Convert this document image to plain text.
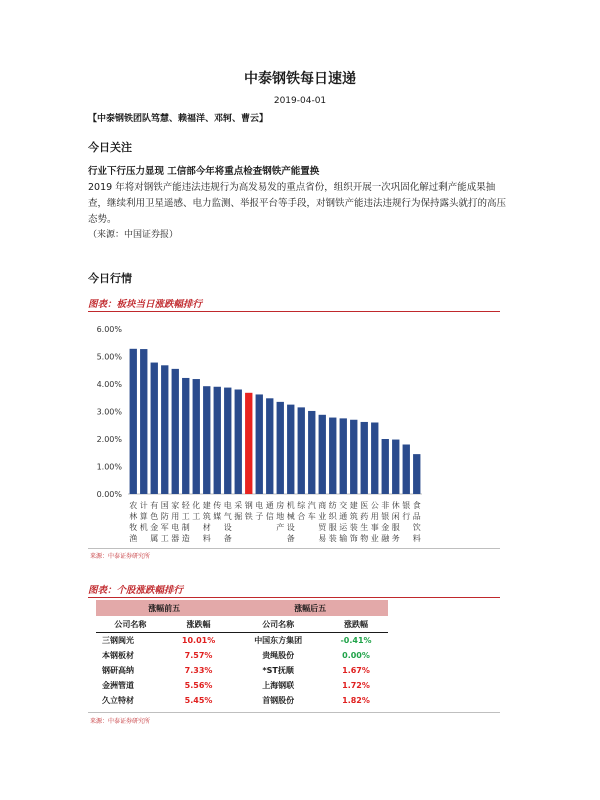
中泰钢铁每日速递
2019-04-01
【中泰钢铁团队笃慧、赖福洋、邓轲、曹云】
今日关注
行业下行压力显现 工信部今年将重点检查钢铁产能置换
2019 年将对钢铁产能违法违规行为高发易发的重点省份，组织开展一次巩固化解过剩产能成果抽查，继续利用卫星遥感、电力监测、举报平台等手段，对钢铁产能违法违规行为保持露头就打的高压态势。
（来源：中国证券报）
今日行情
图表：板块当日涨跌幅排行
0.00%
1.00%
2.00%
3.00%
4.00%
5.00%
6.00%
农林牧渔
计算机
有色金属
国防军工
家用电器
轻工制造
化工
建筑材料
传媒
电气设备
采掘
钢铁
电子
通信
房地产
机械设备
综合
汽车
商业贸易
纺织服装
交通运输
建筑装饰
医药生物
公用事业
非银金融
休闲服务
银行
食品饮料
来源：中泰证券研究所
图表：个股涨跌幅排行
涨幅前五		涨幅后五	
公司名称	涨跌幅	公司名称	涨跌幅
三钢闽光	10.01%	中国东方集团	-0.41%
本钢板材	7.57%	贵绳股份	0.00%
钢研高纳	7.33%	*ST抚顺	1.67%
金洲管道	5.56%	上海钢联	1.72%
久立特材	5.45%	首钢股份	1.82%
来源：中泰证券研究所
